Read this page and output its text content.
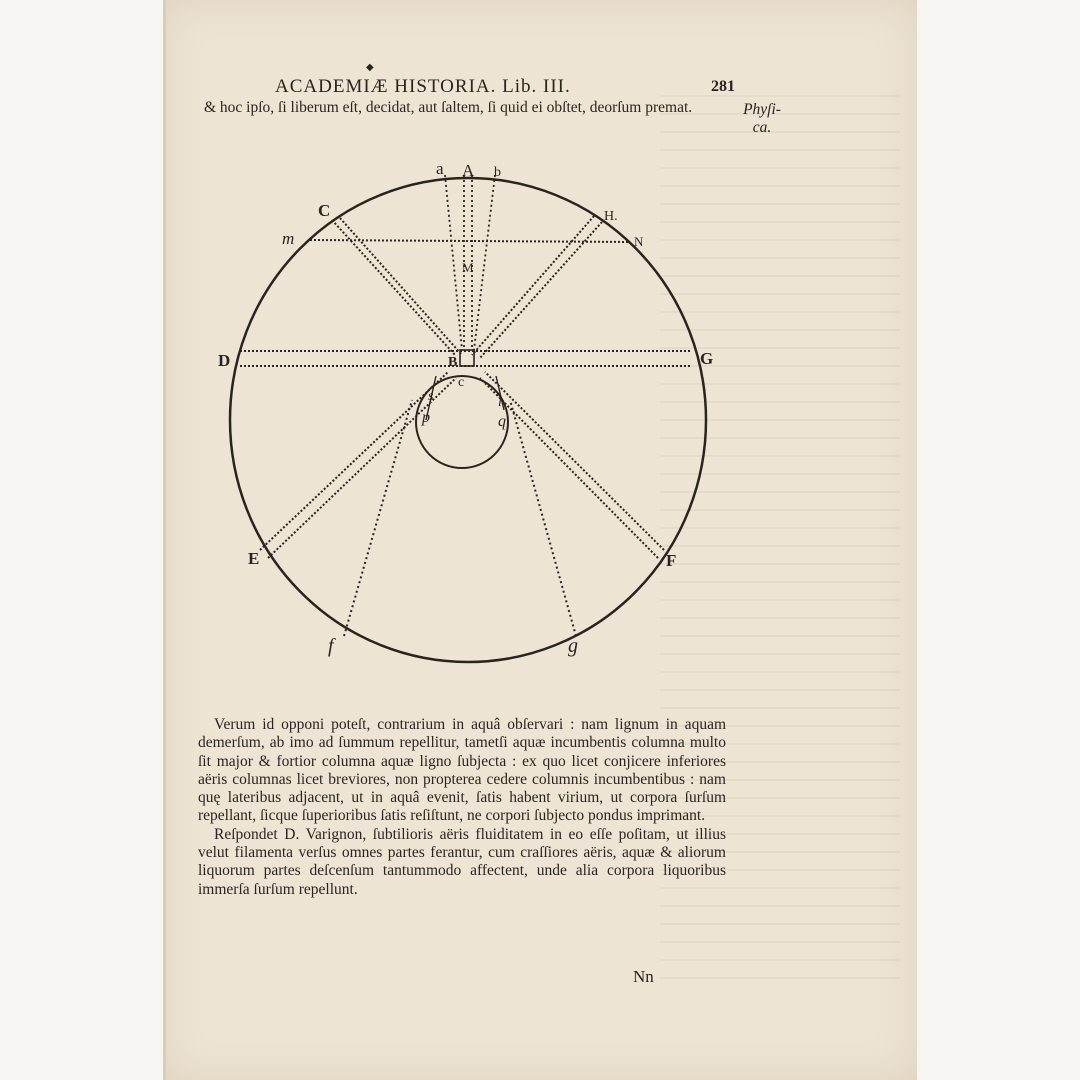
◆
ACADEMIÆ HISTORIA. Lib. III.	281
& hoc ipſo, ſi liberum eſt, decidat, aut ſaltem, ſi quid ei obſtet, deorſum premat.	Phyſi-
ca.
a A b
C	H.
m	N
M
D	G
B
c
s	l
p	q
E	F
f	g

Verum id opponi poteſt, contrarium in aquâ obſervari : nam lignum in aquam demerſum, ab imo ad ſummum repellitur, tametſi aquæ incumbentis columna multo ſit major & fortior columna aquæ ligno ſubjecta : ex quo licet conjicere inferiores aëris columnas licet breviores, non propterea cedere columnis incumbentibus : nam quę lateribus adjacent, ut in aquâ evenit, ſatis habent virium, ut corpora ſurſum repellant, ſicque ſuperioribus ſatis reſiſtunt, ne corpori ſubjecto pondus imprimant.

Reſpondet D. Varignon, ſubtilioris aëris fluiditatem in eo eſſe poſitam, ut illius velut filamenta verſus omnes partes ferantur, cum craſſiores aëris, aquæ & aliorum liquorum partes deſcenſum tantummodo affectent, unde alia corpora liquoribus immerſa ſurſum repellunt.

Nn
